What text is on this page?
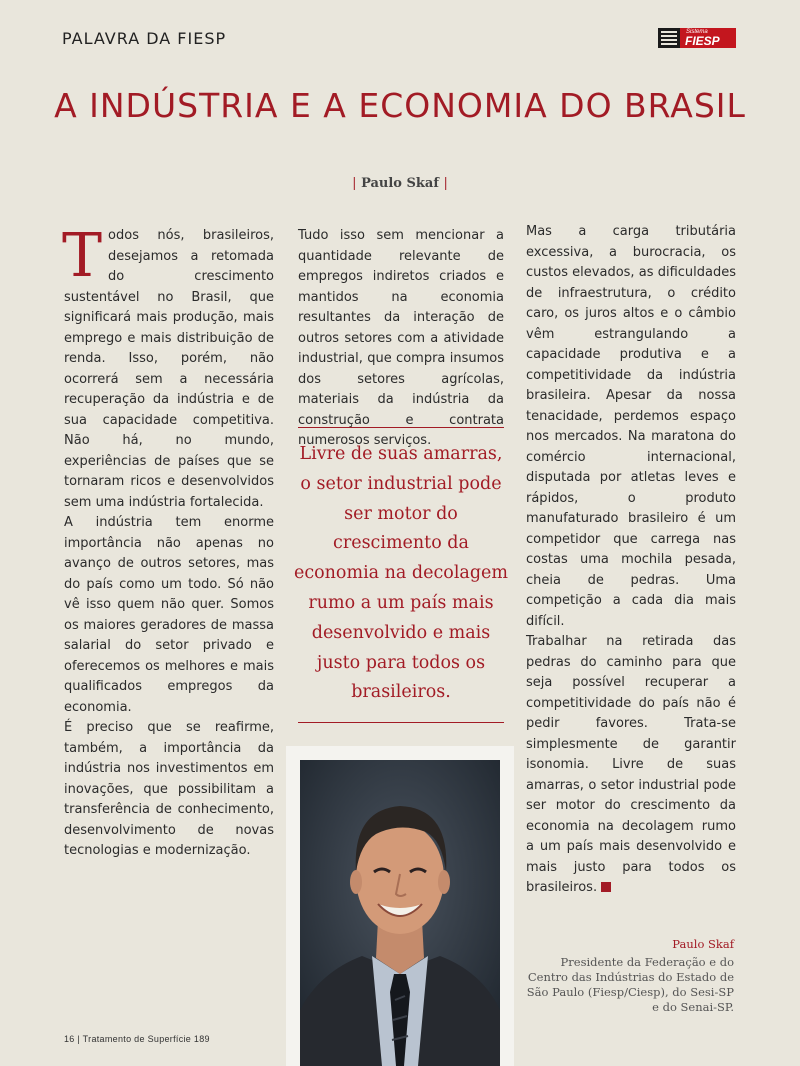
PALAVRA DA FIESP	Sistema
FIESP
A INDÚSTRIA E A ECONOMIA DO BRASIL
| Paulo Skaf |

Todos nós, brasileiros, desejamos a retomada do crescimento sustentável no Brasil, que significará mais produção, mais emprego e mais distribuição de renda. Isso, porém, não ocorrerá sem a necessária recuperação da indústria e de sua capacidade competitiva. Não há, no mundo, experiências de países que se tornaram ricos e desenvolvidos sem uma indústria fortalecida.

A indústria tem enorme importância não apenas no avanço de outros setores, mas do país como um todo. Só não vê isso quem não quer. Somos os maiores geradores de massa salarial do setor privado e oferecemos os melhores e mais qualificados empregos da economia.

É preciso que se reafirme, também, a importância da indústria nos investimentos em inovações, que possibilitam a transferência de conhecimento, desenvolvimento de novas tecnologias e modernização.

Tudo isso sem mencionar a quantidade relevante de empregos indiretos criados e mantidos na economia resultantes da interação de outros setores com a atividade industrial, que compra insumos dos setores agrícolas, materiais da indústria da construção e contrata numerosos serviços.

Livre de suas amarras, o setor industrial pode ser motor do crescimento da economia na decolagem rumo a um país mais desenvolvido e mais justo para todos os brasileiros.

Mas a carga tributária excessiva, a burocracia, os custos elevados, as dificuldades de infraestrutura, o crédito caro, os juros altos e o câmbio vêm estrangulando a capacidade produtiva e a competitividade da indústria brasileira. Apesar da nossa tenacidade, perdemos espaço nos mercados. Na maratona do comércio internacional, disputada por atletas leves e rápidos, o produto manufaturado brasileiro é um competidor que carrega nas costas uma mochila pesada, cheia de pedras. Uma competição a cada dia mais difícil.

Trabalhar na retirada das pedras do caminho para que seja possível recuperar a competitividade do país não é pedir favores. Trata-se simplesmente de garantir isonomia. Livre de suas amarras, o setor industrial pode ser motor do crescimento da economia na decolagem rumo a um país mais desenvolvido e mais justo para todos os brasileiros.

Paulo Skaf
Presidente da Federação e do Centro das Indústrias do Estado de São Paulo (Fiesp/Ciesp), do Sesi-SP e do Senai-SP.
16 | Tratamento de Superfície 189
